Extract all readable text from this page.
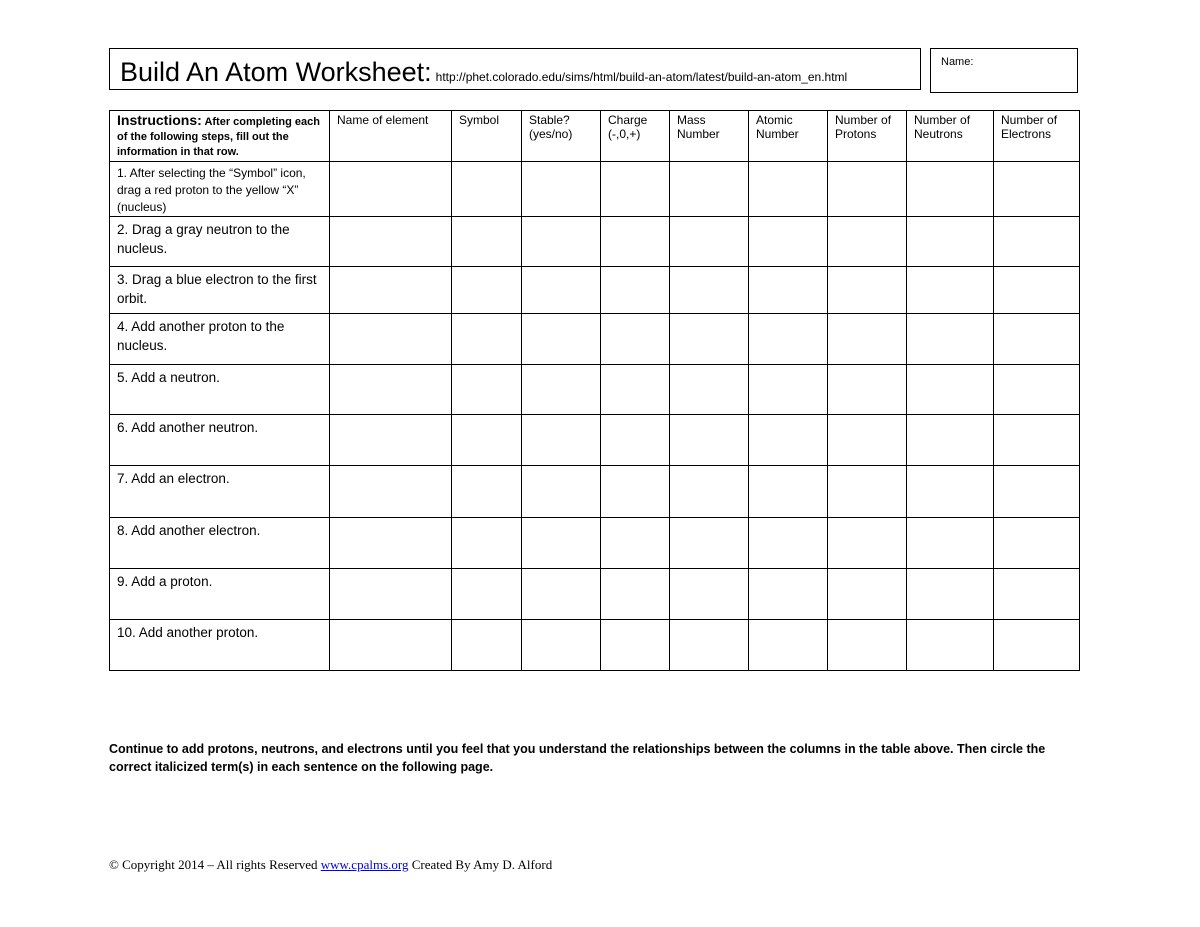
Build An Atom Worksheet: http://phet.colorado.edu/sims/html/build-an-atom/latest/build-an-atom_en.html
Name:
Instructions: After completing each of the following steps, fill out the information in that row.	Name of element	Symbol	Stable? (yes/no)	Charge (-,0,+)	Mass Number	Atomic Number	Number of Protons	Number of Neutrons	Number of Electrons
1. After selecting the “Symbol” icon, drag a red proton to the yellow “X” (nucleus)									
2. Drag a gray neutron to the nucleus.									
3. Drag a blue electron to the first orbit.									
4. Add another proton to the nucleus.									
5. Add a neutron.									
6. Add another neutron.									
7. Add an electron.									
8. Add another electron.									
9. Add a proton.									
10. Add another proton.									
Continue to add protons, neutrons, and electrons until you feel that you understand the relationships between the columns in the table above. Then circle the correct italicized term(s) in each sentence on the following page.
© Copyright 2014 – All rights Reserved www.cpalms.org Created By Amy D. Alford
